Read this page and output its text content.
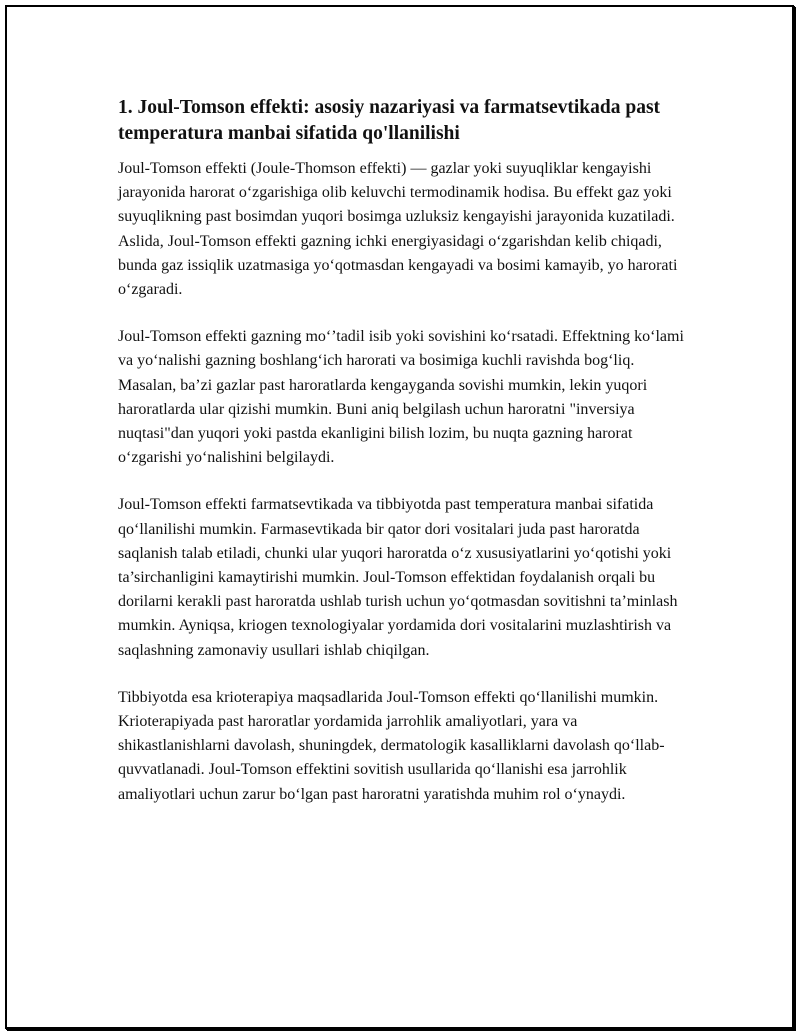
1. Joul-Tomson effekti: asosiy nazariyasi va farmatsevtikada past temperatura manbai sifatida qo'llanilishi

Joul-Tomson effekti (Joule-Thomson effekti) — gazlar yoki suyuqliklar kengayishi jarayonida harorat o‘zgarishiga olib keluvchi termodinamik hodisa. Bu effekt gaz yoki suyuqlikning past bosimdan yuqori bosimga uzluksiz kengayishi jarayonida kuzatiladi. Aslida, Joul-Tomson effekti gazning ichki energiyasidagi o‘zgarishdan kelib chiqadi, bunda gaz issiqlik uzatmasiga yo‘qotmasdan kengayadi va bosimi kamayib, yo harorati o‘zgaradi.

Joul-Tomson effekti gazning mo‘’tadil isib yoki sovishini ko‘rsatadi. Effektning ko‘lami va yo‘nalishi gazning boshlang‘ich harorati va bosimiga kuchli ravishda bog‘liq. Masalan, ba’zi gazlar past haroratlarda kengayganda sovishi mumkin, lekin yuqori haroratlarda ular qizishi mumkin. Buni aniq belgilash uchun haroratni "inversiya nuqtasi"dan yuqori yoki pastda ekanligini bilish lozim, bu nuqta gazning harorat o‘zgarishi yo‘nalishini belgilaydi.

Joul-Tomson effekti farmatsevtikada va tibbiyotda past temperatura manbai sifatida qo‘llanilishi mumkin. Farmasevtikada bir qator dori vositalari juda past haroratda saqlanish talab etiladi, chunki ular yuqori haroratda o‘z xususiyatlarini yo‘qotishi yoki ta’sirchanligini kamaytirishi mumkin. Joul-Tomson effektidan foydalanish orqali bu dorilarni kerakli past haroratda ushlab turish uchun yo‘qotmasdan sovitishni ta’minlash mumkin. Ayniqsa, kriogen texnologiyalar yordamida dori vositalarini muzlashtirish va saqlashning zamonaviy usullari ishlab chiqilgan.

Tibbiyotda esa krioterapiya maqsadlarida Joul-Tomson effekti qo‘llanilishi mumkin. Krioterapiyada past haroratlar yordamida jarrohlik amaliyotlari, yara va shikastlanishlarni davolash, shuningdek, dermatologik kasalliklarni davolash qo‘llab-quvvatlanadi. Joul-Tomson effektini sovitish usullarida qo‘llanishi esa jarrohlik amaliyotlari uchun zarur bo‘lgan past haroratni yaratishda muhim rol o‘ynaydi.
